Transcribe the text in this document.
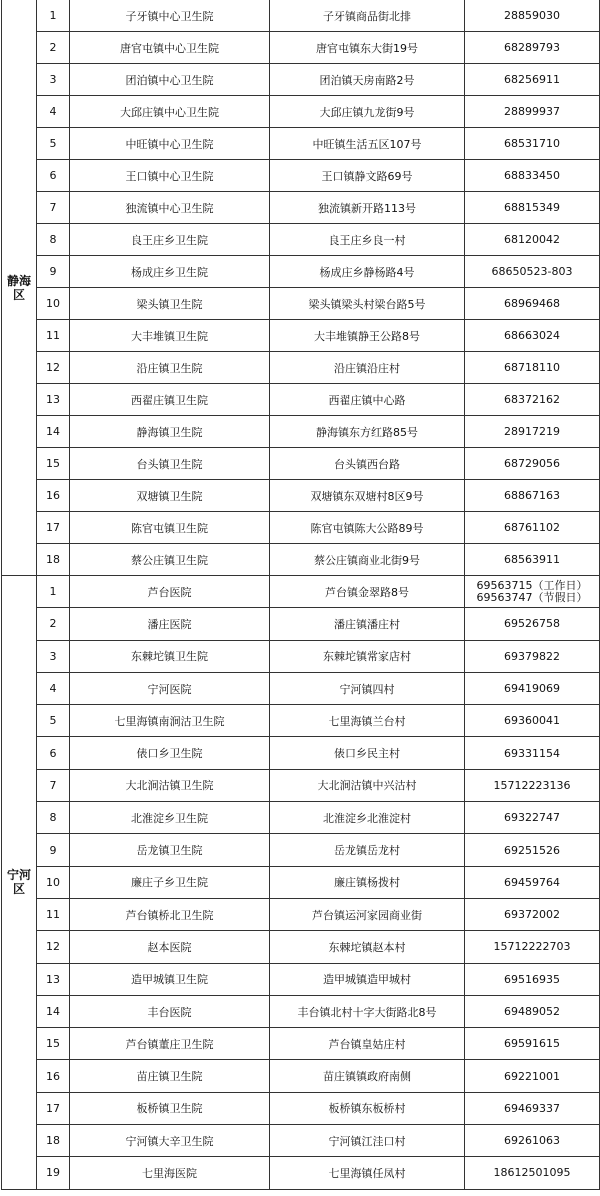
静海区	1	子牙镇中心卫生院	子牙镇商品街北排	28859030
	2	唐官屯镇中心卫生院	唐官屯镇东大街19号	68289793
	3	团泊镇中心卫生院	团泊镇天房南路2号	68256911
	4	大邱庄镇中心卫生院	大邱庄镇九龙街9号	28899937
	5	中旺镇中心卫生院	中旺镇生活五区107号	68531710
	6	王口镇中心卫生院	王口镇静文路69号	68833450
	7	独流镇中心卫生院	独流镇新开路113号	68815349
	8	良王庄乡卫生院	良王庄乡良一村	68120042
	9	杨成庄乡卫生院	杨成庄乡静杨路4号	68650523-803
	10	梁头镇卫生院	梁头镇梁头村梁台路5号	68969468
	11	大丰堆镇卫生院	大丰堆镇静王公路8号	68663024
	12	沿庄镇卫生院	沿庄镇沿庄村	68718110
	13	西翟庄镇卫生院	西翟庄镇中心路	68372162
	14	静海镇卫生院	静海镇东方红路85号	28917219
	15	台头镇卫生院	台头镇西台路	68729056
	16	双塘镇卫生院	双塘镇东双塘村8区9号	68867163
	17	陈官屯镇卫生院	陈官屯镇陈大公路89号	68761102
	18	蔡公庄镇卫生院	蔡公庄镇商业北街9号	68563911
宁河区	1	芦台医院	芦台镇金翠路8号	69563715（工作日）
69563747（节假日）

	2	潘庄医院	潘庄镇潘庄村	69526758
	3	东棘坨镇卫生院	东棘坨镇常家店村	69379822
	4	宁河医院	宁河镇四村	69419069
	5	七里海镇南涧沽卫生院	七里海镇兰台村	69360041
	6	俵口乡卫生院	俵口乡民主村	69331154
	7	大北涧沽镇卫生院	大北涧沽镇中兴沽村	15712223136
	8	北淮淀乡卫生院	北淮淀乡北淮淀村	69322747
	9	岳龙镇卫生院	岳龙镇岳龙村	69251526
	10	廉庄子乡卫生院	廉庄镇杨拨村	69459764
	11	芦台镇桥北卫生院	芦台镇运河家园商业街	69372002
	12	赵本医院	东棘坨镇赵本村	15712222703
	13	造甲城镇卫生院	造甲城镇造甲城村	69516935
	14	丰台医院	丰台镇北村十字大街路北8号	69489052
	15	芦台镇董庄卫生院	芦台镇皇姑庄村	69591615
	16	苗庄镇卫生院	苗庄镇镇政府南侧	69221001
	17	板桥镇卫生院	板桥镇东板桥村	69469337
	18	宁河镇大辛卫生院	宁河镇江洼口村	69261063
	19	七里海医院	七里海镇任凤村	18612501095
